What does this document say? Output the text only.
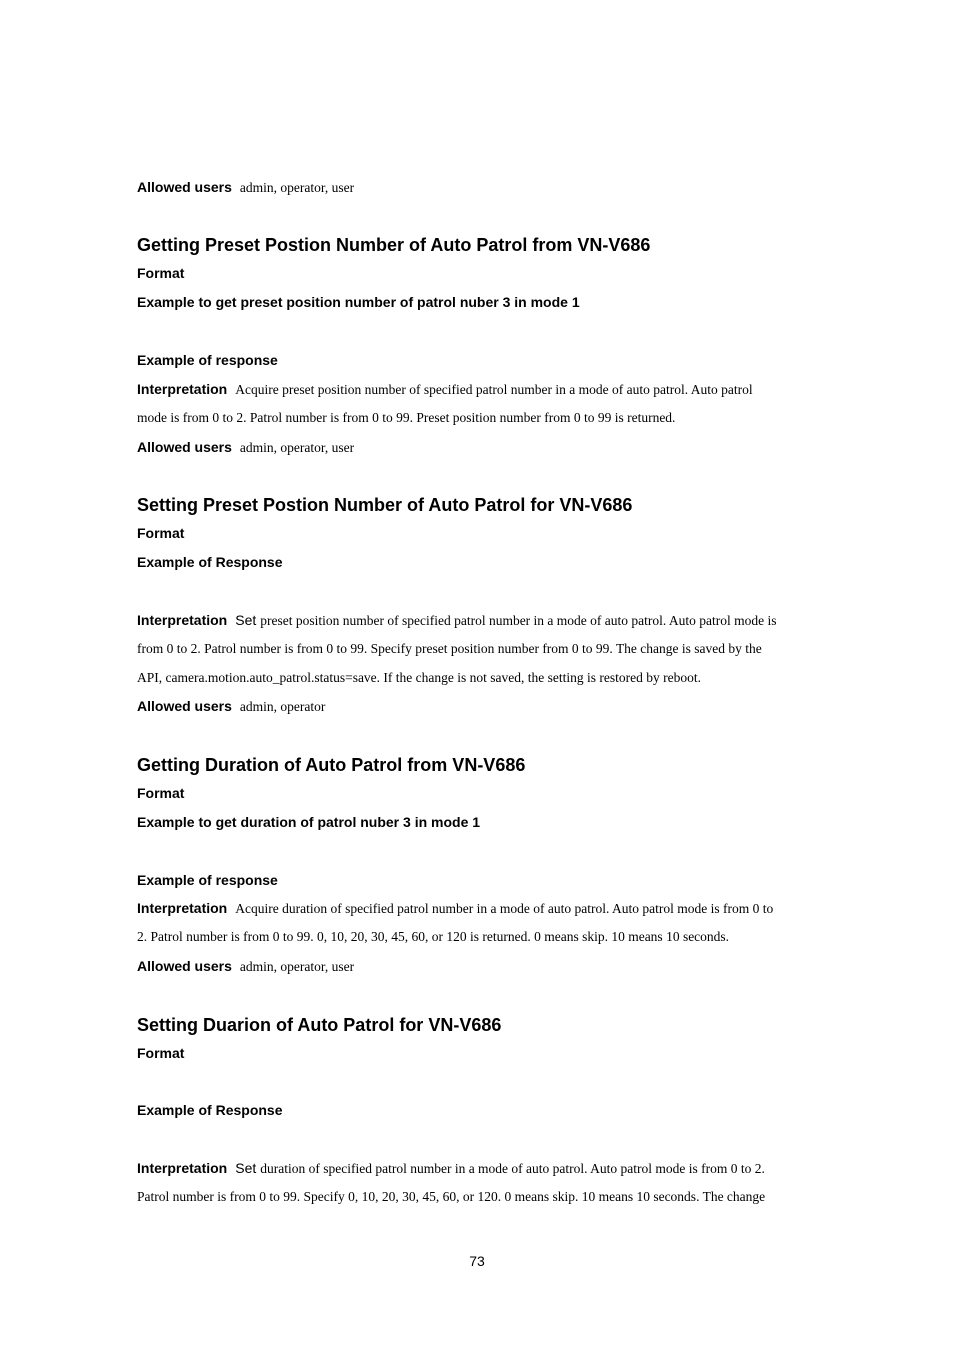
Allowed users admin, operator, user
Getting Preset Postion Number of Auto Patrol from VN-V686
Format
Example to get preset position number of patrol nuber 3 in mode 1
Example of response
Interpretation Acquire preset position number of specified patrol number in a mode of auto patrol. Auto patrol
mode is from 0 to 2. Patrol number is from 0 to 99. Preset position number from 0 to 99 is returned.
Allowed users admin, operator, user
Setting Preset Postion Number of Auto Patrol for VN-V686
Format
Example of Response
Interpretation Set preset position number of specified patrol number in a mode of auto patrol. Auto patrol mode is
from 0 to 2. Patrol number is from 0 to 99. Specify preset position number from 0 to 99. The change is saved by the
API, camera.motion.auto_patrol.status=save. If the change is not saved, the setting is restored by reboot.
Allowed users admin, operator
Getting Duration of Auto Patrol from VN-V686
Format
Example to get duration of patrol nuber 3 in mode 1
Example of response
Interpretation Acquire duration of specified patrol number in a mode of auto patrol. Auto patrol mode is from 0 to
2. Patrol number is from 0 to 99. 0, 10, 20, 30, 45, 60, or 120 is returned. 0 means skip. 10 means 10 seconds.
Allowed users admin, operator, user
Setting Duarion of Auto Patrol for VN-V686
Format
Example of Response
Interpretation Set duration of specified patrol number in a mode of auto patrol. Auto patrol mode is from 0 to 2.
Patrol number is from 0 to 99. Specify 0, 10, 20, 30, 45, 60, or 120. 0 means skip. 10 means 10 seconds. The change
73
